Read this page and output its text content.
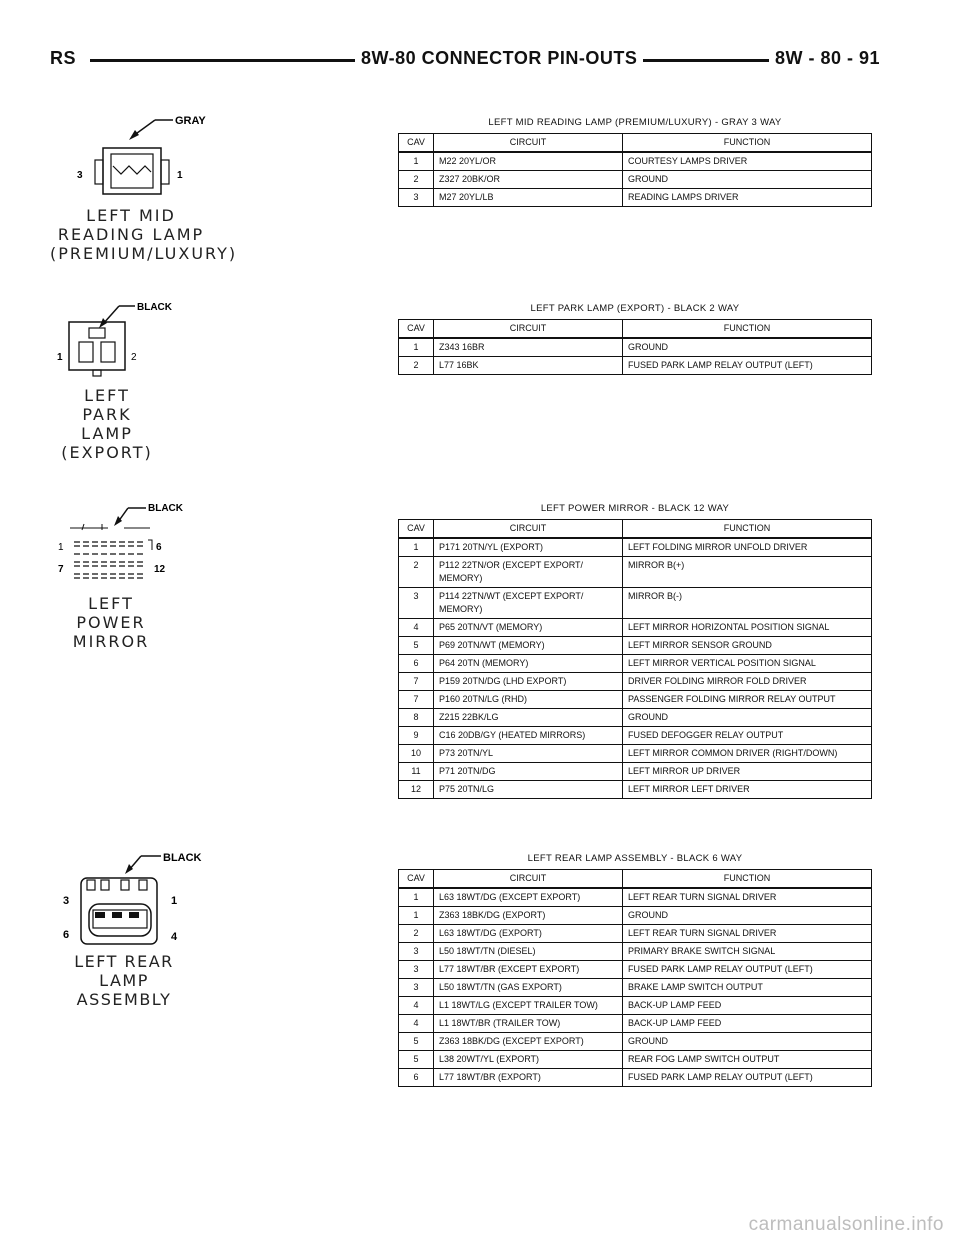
RS	8W-80 CONNECTOR PIN-OUTS	8W - 80 - 91
GRAY
3	1
LEFT MID
READING LAMP
(PREMIUM/LUXURY)
LEFT MID READING LAMP (PREMIUM/LUXURY) - GRAY 3 WAY
CAV	CIRCUIT	FUNCTION
1	M22 20YL/OR	COURTESY LAMPS DRIVER
2	Z327 20BK/OR	GROUND
3	M27 20YL/LB	READING LAMPS DRIVER
BLACK
1	2
LEFT
PARK
LAMP
(EXPORT)
LEFT PARK LAMP (EXPORT) - BLACK 2 WAY
CAV	CIRCUIT	FUNCTION
1	Z343 16BR	GROUND
2	L77 16BK	FUSED PARK LAMP RELAY OUTPUT (LEFT)
BLACK
1	6
7	12
LEFT
POWER
MIRROR
LEFT POWER MIRROR - BLACK 12 WAY
CAV	CIRCUIT	FUNCTION
1	P171 20TN/YL (EXPORT)	LEFT FOLDING MIRROR UNFOLD DRIVER
2	P112 22TN/OR (EXCEPT EXPORT/ MEMORY)	MIRROR B(+)
3	P114 22TN/WT (EXCEPT EXPORT/ MEMORY)	MIRROR B(-)
4	P65 20TN/VT (MEMORY)	LEFT MIRROR HORIZONTAL POSITION SIGNAL
5	P69 20TN/WT (MEMORY)	LEFT MIRROR SENSOR GROUND
6	P64 20TN (MEMORY)	LEFT MIRROR VERTICAL POSITION SIGNAL
7	P159 20TN/DG (LHD EXPORT)	DRIVER FOLDING MIRROR FOLD DRIVER
7	P160 20TN/LG (RHD)	PASSENGER FOLDING MIRROR RELAY OUTPUT
8	Z215 22BK/LG	GROUND
9	C16 20DB/GY (HEATED MIRRORS)	FUSED DEFOGGER RELAY OUTPUT
10	P73 20TN/YL	LEFT MIRROR COMMON DRIVER (RIGHT/DOWN)
11	P71 20TN/DG	LEFT MIRROR UP DRIVER
12	P75 20TN/LG	LEFT MIRROR LEFT DRIVER
BLACK
3	1
6	4
LEFT REAR
LAMP ASSEMBLY
LEFT REAR LAMP ASSEMBLY - BLACK 6 WAY
CAV	CIRCUIT	FUNCTION
1	L63 18WT/DG (EXCEPT EXPORT)	LEFT REAR TURN SIGNAL DRIVER
1	Z363 18BK/DG (EXPORT)	GROUND
2	L63 18WT/DG (EXPORT)	LEFT REAR TURN SIGNAL DRIVER
3	L50 18WT/TN (DIESEL)	PRIMARY BRAKE SWITCH SIGNAL
3	L77 18WT/BR (EXCEPT EXPORT)	FUSED PARK LAMP RELAY OUTPUT (LEFT)
3	L50 18WT/TN (GAS EXPORT)	BRAKE LAMP SWITCH OUTPUT
4	L1 18WT/LG (EXCEPT TRAILER TOW)	BACK-UP LAMP FEED
4	L1 18WT/BR (TRAILER TOW)	BACK-UP LAMP FEED
5	Z363 18BK/DG (EXCEPT EXPORT)	GROUND
5	L38 20WT/YL (EXPORT)	REAR FOG LAMP SWITCH OUTPUT
6	L77 18WT/BR (EXPORT)	FUSED PARK LAMP RELAY OUTPUT (LEFT)
carmanualsonline.info
